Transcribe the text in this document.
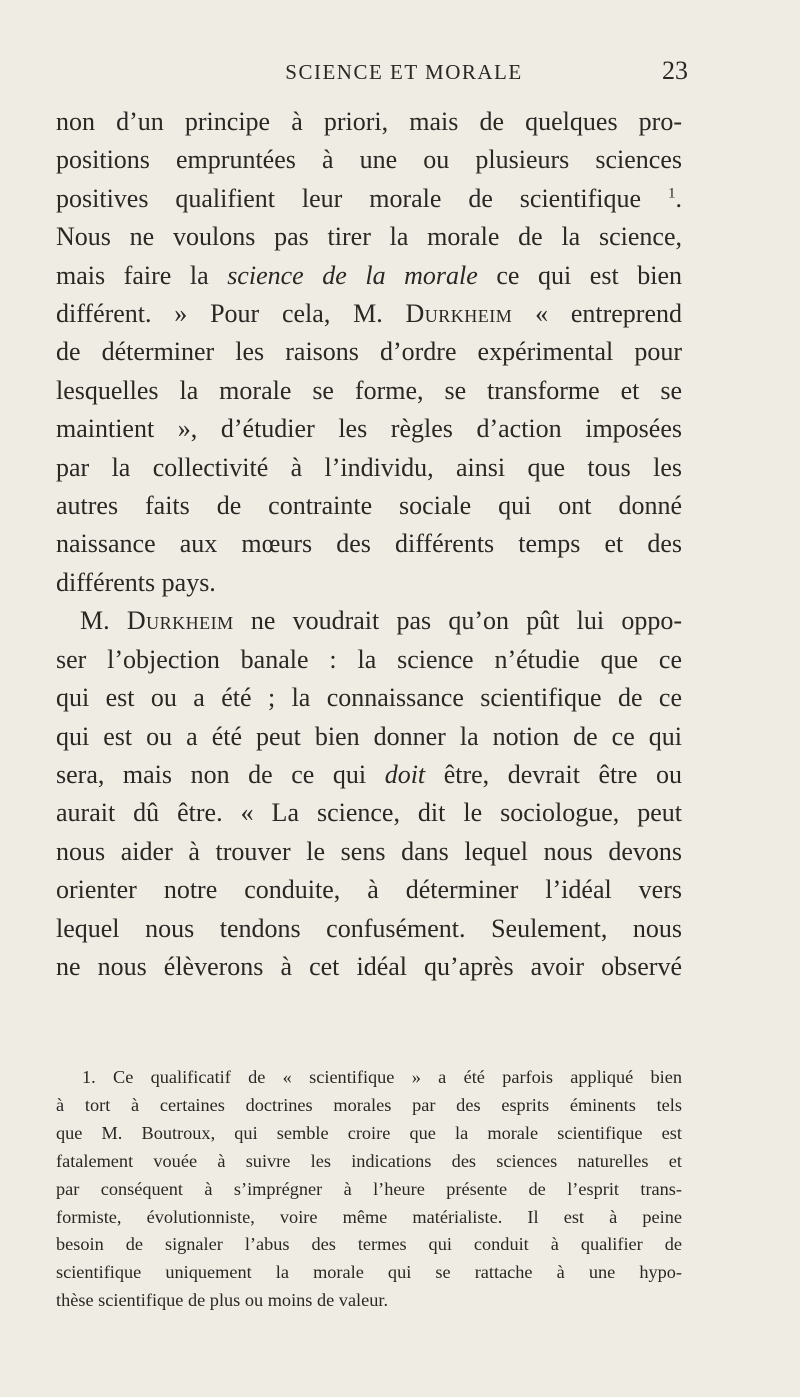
SCIENCE ET MORALE	23
non d’un principe à priori, mais de quelques pro-
positions empruntées à une ou plusieurs sciences
positives qualifient leur morale de scientifique $^1$.
Nous ne voulons pas tirer la morale de la science,
mais faire la science de la morale ce qui est bien
différent. » Pour cela, M. Durkheim « entreprend
de déterminer les raisons d’ordre expérimental pour
lesquelles la morale se forme, se transforme et se
maintient », d’étudier les règles d’action imposées
par la collectivité à l’individu, ainsi que tous les
autres faits de contrainte sociale qui ont donné
naissance aux mœurs des différents temps et des
différents pays.
M. Durkheim ne voudrait pas qu’on pût lui oppo-
ser l’objection banale : la science n’étudie que ce
qui est ou a été ; la connaissance scientifique de ce
qui est ou a été peut bien donner la notion de ce qui
sera, mais non de ce qui doit être, devrait être ou
aurait dû être. « La science, dit le sociologue, peut
nous aider à trouver le sens dans lequel nous devons
orienter notre conduite, à déterminer l’idéal vers
lequel nous tendons confusément. Seulement, nous
ne nous élèverons à cet idéal qu’après avoir observé
1. Ce qualificatif de « scientifique » a été parfois appliqué bien
à tort à certaines doctrines morales par des esprits éminents tels
que M. Boutroux, qui semble croire que la morale scientifique est
fatalement vouée à suivre les indications des sciences naturelles et
par conséquent à s’imprégner à l’heure présente de l’esprit trans-
formiste, évolutionniste, voire même matérialiste. Il est à peine
besoin de signaler l’abus des termes qui conduit à qualifier de
scientifique uniquement la morale qui se rattache à une hypo-
thèse scientifique de plus ou moins de valeur.
